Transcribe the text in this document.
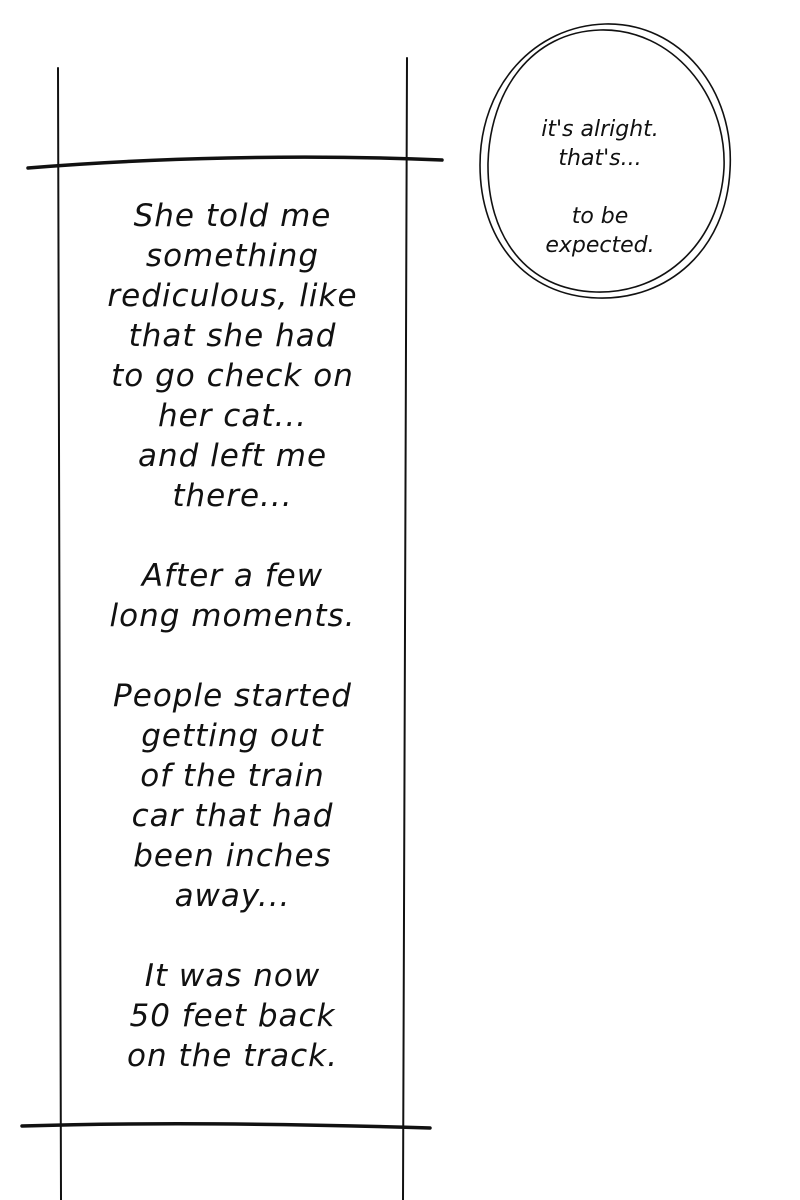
She told me
something
rediculous, like
that she had
to go check on
her cat...
and left me
there...

After a few
long moments.

People started
getting out
of the train
car that had
been inches
away...

It was now
50 feet back
on the track.

it's alright.
that's...

to be
expected.
